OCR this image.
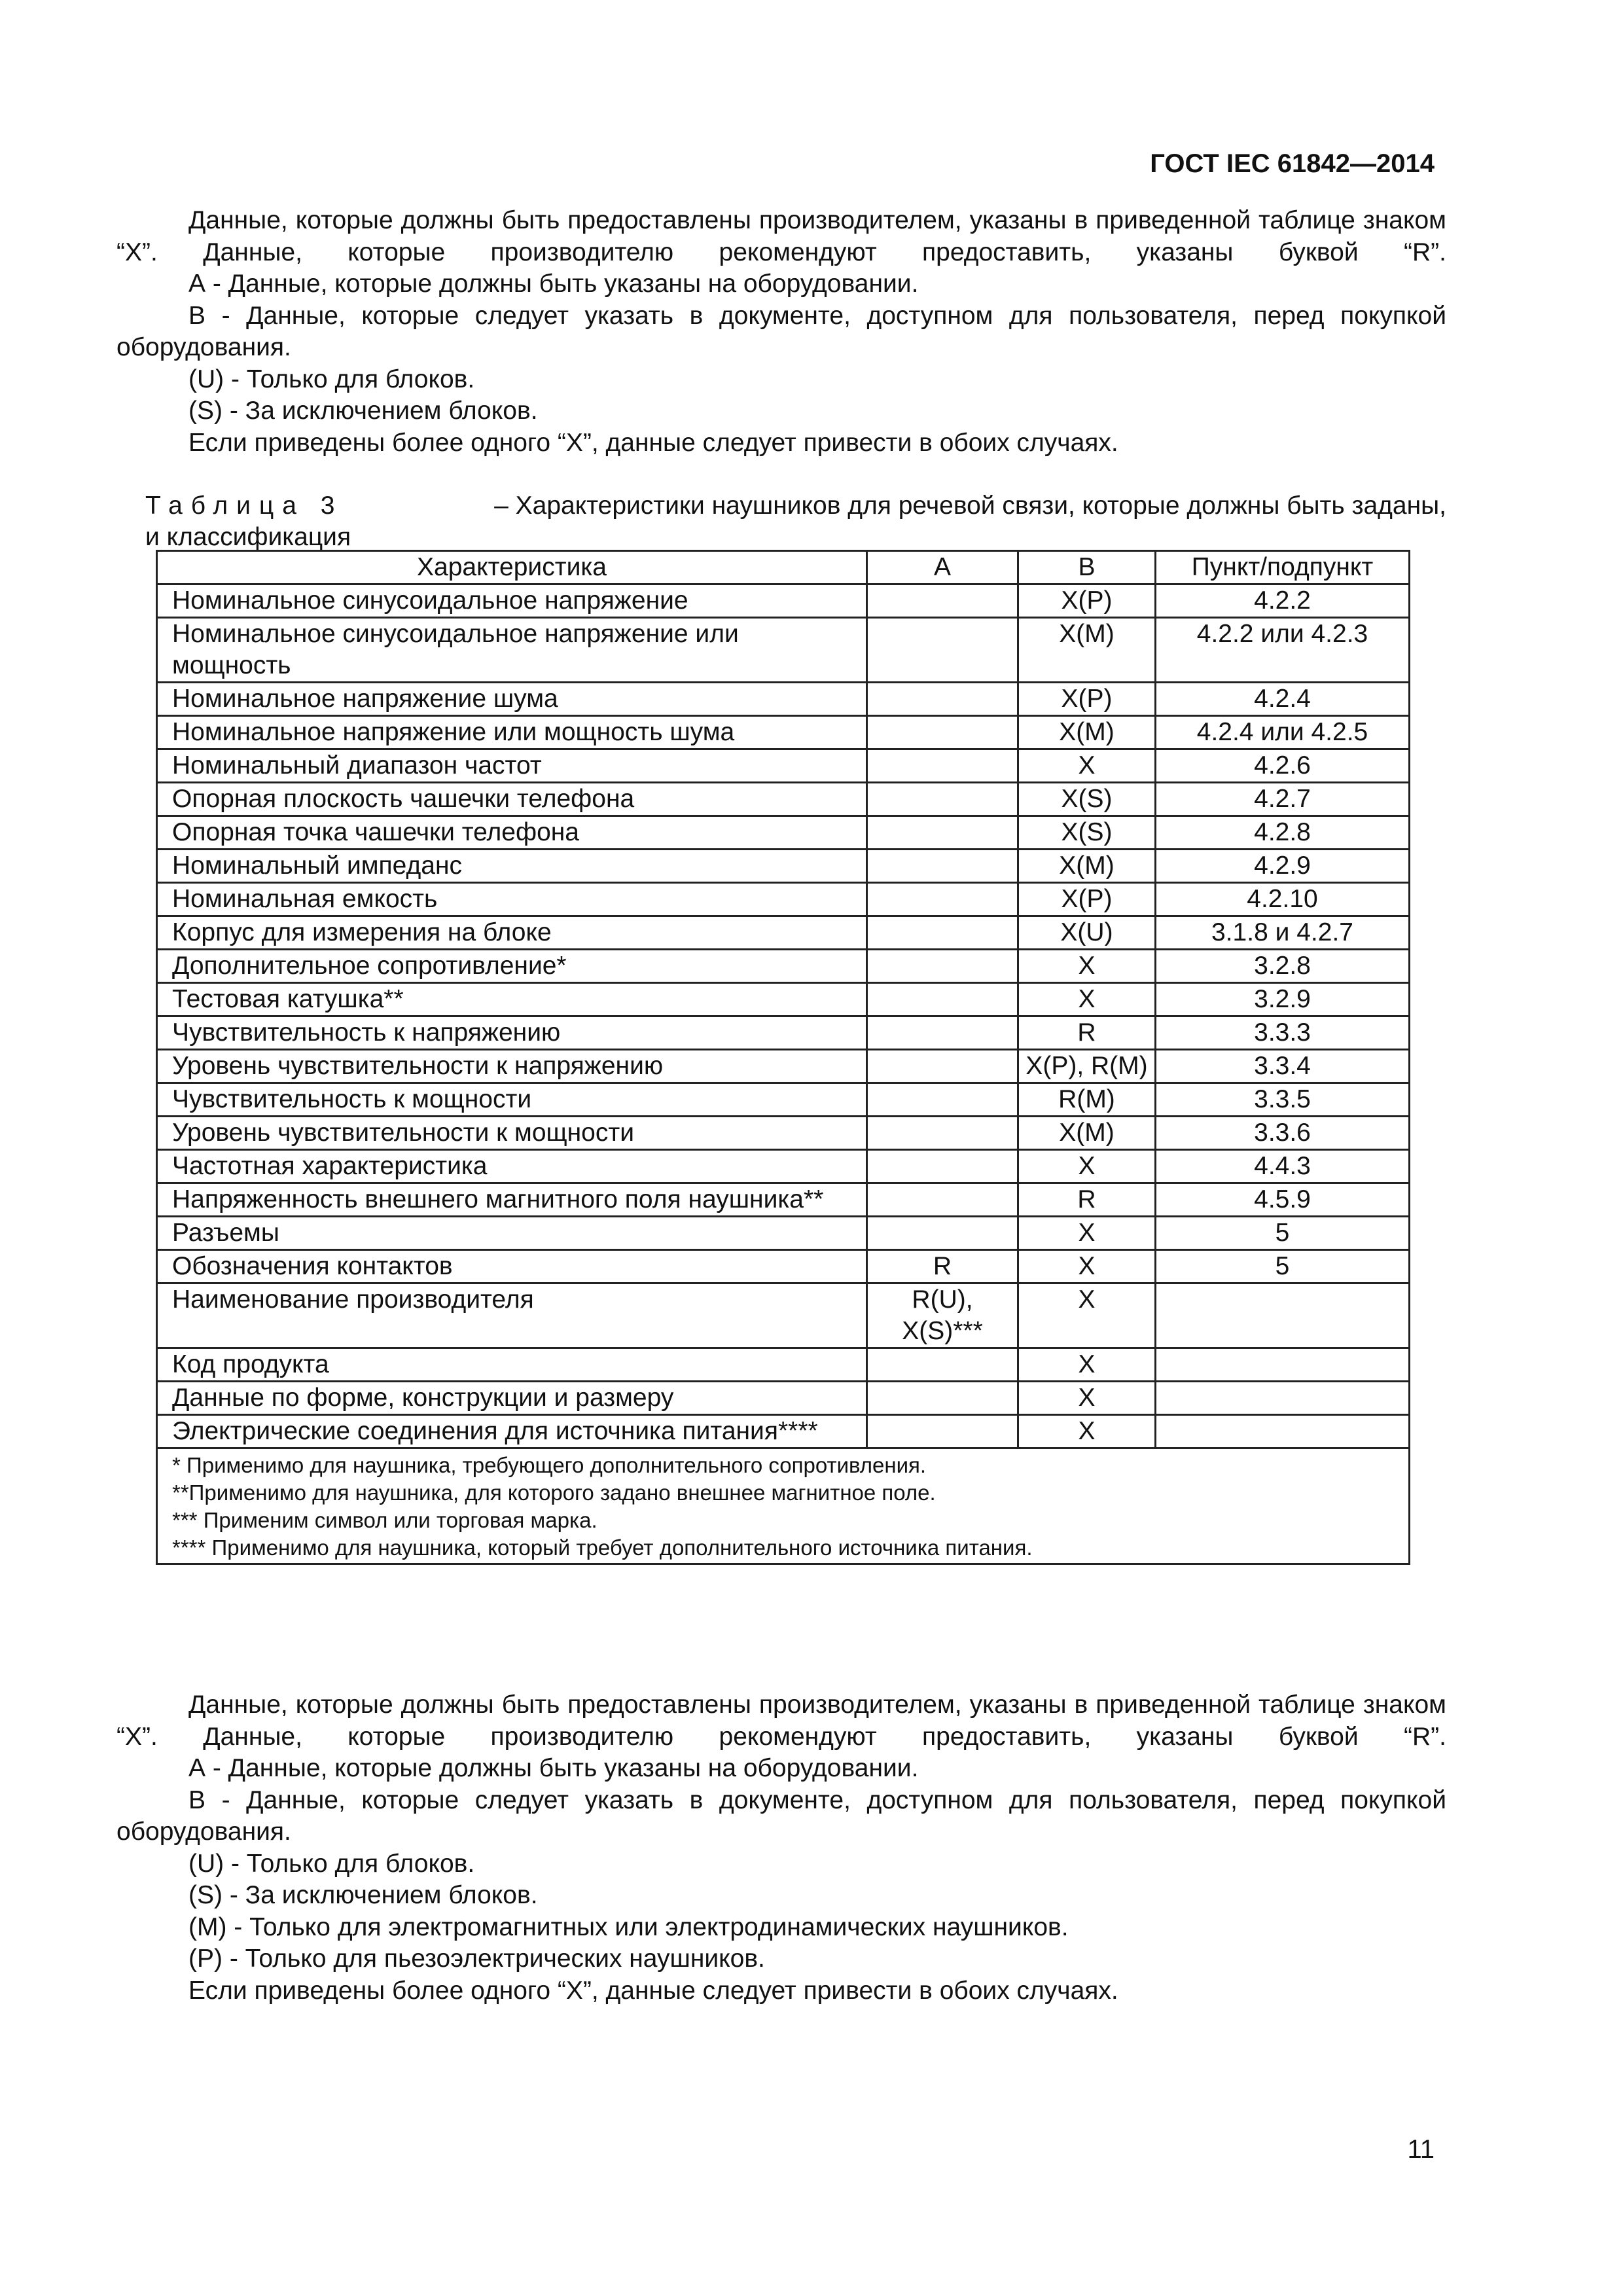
ГОСТ IEC 61842—2014

Данные, которые должны быть предоставлены производителем, указаны в приведенной таблице знаком “X”. Данные, которые производителю рекомендуют предоставить, указаны буквой “R”.

А - Данные, которые должны быть указаны на оборудовании.

В - Данные, которые следует указать в документе, доступном для пользователя, перед покупкой оборудования.

(U) - Только для блоков.

(S) - За исключением блоков.

Если приведены более одного “X”, данные следует привести в обоих случаях.

Таблица 3	– Характеристики наушников для речевой связи, которые должны быть заданы,
и классификация
Характеристика	А	В	Пункт/подпункт
Номинальное синусоидальное напряжение		X(P)	4.2.2
Номинальное синусоидальное напряжение или мощность		X(M)	4.2.2 или 4.2.3
Номинальное напряжение шума		X(P)	4.2.4
Номинальное напряжение или мощность шума		X(M)	4.2.4 или 4.2.5
Номинальный диапазон частот		X	4.2.6
Опорная плоскость чашечки телефона		X(S)	4.2.7
Опорная точка чашечки телефона		X(S)	4.2.8
Номинальный импеданс		X(M)	4.2.9
Номинальная емкость		X(P)	4.2.10
Корпус для измерения на блоке		X(U)	3.1.8 и 4.2.7
Дополнительное сопротивление*		X	3.2.8
Тестовая катушка**		X	3.2.9
Чувствительность к напряжению		R	3.3.3
Уровень чувствительности к напряжению		X(P), R(M)	3.3.4
Чувствительность к мощности		R(M)	3.3.5
Уровень чувствительности к мощности		X(M)	3.3.6
Частотная характеристика		X	4.4.3
Напряженность внешнего магнитного поля наушника**		R	4.5.9
Разъемы		X	5
Обозначения контактов	R	X	5
Наименование производителя	R(U), X(S)***	X	
Код продукта		X	
Данные по форме, конструкции и размеру		X	
Электрические соединения для источника питания****		X	

* Применимо для наушника, требующего дополнительного сопротивления.
**Применимо для наушника, для которого задано внешнее магнитное поле.
*** Применим символ или торговая марка.
**** Применимо для наушника, который требует дополнительного источника питания.			

Данные, которые должны быть предоставлены производителем, указаны в приведенной таблице знаком “X”. Данные, которые производителю рекомендуют предоставить, указаны буквой “R”.

А - Данные, которые должны быть указаны на оборудовании.

В - Данные, которые следует указать в документе, доступном для пользователя, перед покупкой оборудования.

(U) - Только для блоков.

(S) - За исключением блоков.

(M) - Только для электромагнитных или электродинамических наушников.

(P) - Только для пьезоэлектрических наушников.

Если приведены более одного “X”, данные следует привести в обоих случаях.

11
